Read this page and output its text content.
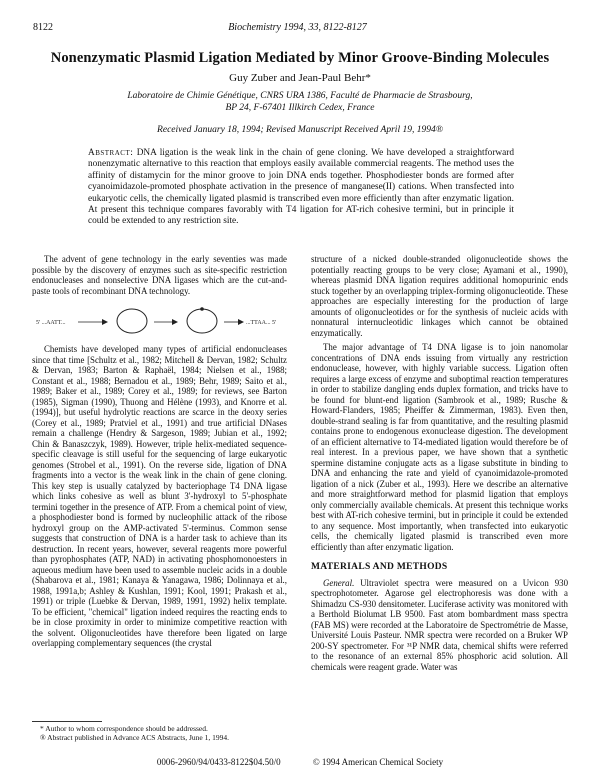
8122	Biochemistry 1994, 33, 8122-8127
Nonenzymatic Plasmid Ligation Mediated by Minor Groove-Binding Molecules
Guy Zuber and Jean-Paul Behr*
Laboratoire de Chimie Génétique, CNRS URA 1386, Faculté de Pharmacie de Strasbourg,
BP 24, F-67401 Illkirch Cedex, France
Received January 18, 1994; Revised Manuscript Received April 19, 1994®
Abstract: DNA ligation is the weak link in the chain of gene cloning. We have developed a straightforward nonenzymatic alternative to this reaction that employs easily available commercial reagents. The method uses the affinity of distamycin for the minor groove to join DNA ends together. Phosphodiester bonds are formed after cyanoimidazole-promoted phosphate activation in the presence of manganese(II) cations. When transfected into eukaryotic cells, the chemically ligated plasmid is transcribed even more efficiently than after enzymatic ligation. At present this technique compares favorably with T4 ligation for AT-rich cohesive termini, but in principle it could be extended to any restriction site.

The advent of gene technology in the early seventies was made possible by the discovery of enzymes such as site-specific restriction endonucleases and nonselective DNA ligases which are the cut-and-paste tools of recombinant DNA technology.

Chemists have developed many types of artificial endonucleases since that time [Schultz et al., 1982; Mitchell & Dervan, 1982; Schultz & Dervan, 1983; Barton & Raphaël, 1984; Nielsen et al., 1988; Constant et al., 1988; Bernadou et al., 1989; Behr, 1989; Saito et al., 1989; Baker et al., 1989; Corey et al., 1989; for reviews, see Barton (1985), Sigman (1990), Thuong and Hélène (1993), and Knorre et al. (1994)], but useful hydrolytic reactions are scarce in the deoxy series (Corey et al., 1989; Pratviel et al., 1991) and true artificial DNases remain a challenge (Hendry & Sargeson, 1989; Jubian et al., 1992; Chin & Banaszczyk, 1989). However, triple helix-mediated sequence-specific cleavage is still useful for the sequencing of large eukaryotic genomes (Strobel et al., 1991). On the reverse side, ligation of DNA fragments into a vector is the weak link in the chain of gene cloning. This key step is usually catalyzed by bacteriophage T4 DNA ligase which links cohesive as well as blunt 3'-hydroxyl to 5'-phosphate termini together in the presence of ATP. From a chemical point of view, a phosphodiester bond is formed by nucleophilic attack of the ribose hydroxyl group on the AMP-activated 5'-terminus. Common sense suggests that construction of DNA is a harder task to achieve than its destruction. In recent years, however, several reagents more powerful than pyrophosphates (ATP, NAD) in activating phosphomonoesters in aqueous medium have been used to assemble nucleic acids in a double (Shabarova et al., 1981; Kanaya & Yanagawa, 1986; Dolinnaya et al., 1988, 1991a,b; Ashley & Kushlan, 1991; Kool, 1991; Prakash et al., 1991) or triple (Luebke & Dervan, 1989, 1991, 1992) helix template. To be efficient, "chemical" ligation indeed requires the reacting ends to be in close proximity in order to minimize competitive reaction with the solvent. Oligonucleotides have therefore been ligated on large overlapping complementary sequences (the crystal

5' ...AATT...	...TTAA... 5'

structure of a nicked double-stranded oligonucleotide shows the potentially reacting groups to be very close; Ayamani et al., 1990), whereas plasmid DNA ligation requires additional homopurinic ends stuck together by an overlapping triplex-forming oligonucleotide. These approaches are especially interesting for the production of large amounts of oligonucleotides or for the synthesis of nucleic acids with nonnatural internucleotidic linkages which cannot be obtained enzymatically.

The major advantage of T4 DNA ligase is to join nanomolar concentrations of DNA ends issuing from virtually any restriction endonuclease, however, with highly variable success. Ligation often requires a large excess of enzyme and suboptimal reaction temperatures in order to stabilize dangling ends duplex formation, and tricks have to be found for blunt-end ligation (Sambrook et al., 1989; Rusche & Howard-Flanders, 1985; Pheiffer & Zimmerman, 1983). Even then, double-strand sealing is far from quantitative, and the resulting plasmid contains prone to endogenous exonuclease digestion. The development of an efficient alternative to T4-mediated ligation would therefore be of real interest. In a previous paper, we have shown that a synthetic spermine distamine conjugate acts as a ligase substitute in binding to DNA and enhancing the rate and yield of cyanoimidazole-promoted ligation of a nick (Zuber et al., 1993). Here we describe an alternative and more straightforward method for plasmid ligation that employs only commercially available chemicals. At present this technique works best with AT-rich cohesive termini, but in principle it could be extended to any sequence. Most importantly, when transfected into eukaryotic cells, the chemically ligated plasmid is transcribed even more efficiently than after enzymatic ligation.

MATERIALS AND METHODS

General. Ultraviolet spectra were measured on a Uvicon 930 spectrophotometer. Agarose gel electrophoresis was done with a Shimadzu CS-930 densitometer. Luciferase activity was monitored with a Berthold Biolumat LB 9500. Fast atom bombardment mass spectra (FAB MS) were recorded at the Laboratoire de Spectrométrie de Masse, Université Louis Pasteur. NMR spectra were recorded on a Bruker WP 200-SY spectrometer. For ³¹P NMR data, chemical shifts were referred to the resonance of an external 85% phosphoric acid solution. All chemicals were reagent grade. Water was

* Author to whom correspondence should be addressed.
® Abstract published in Advance ACS Abstracts, June 1, 1994.
0006-2960/94/0433-8122$04.50/0	© 1994 American Chemical Society
